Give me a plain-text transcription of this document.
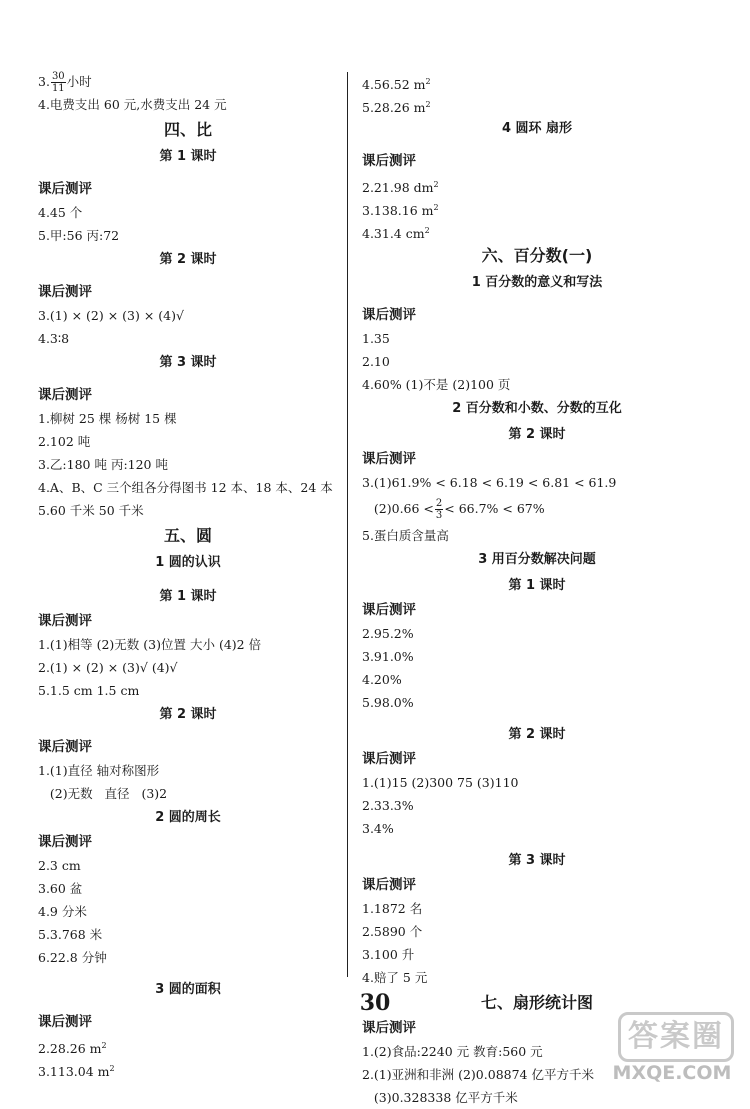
3. $\frac{30}{11}$ 小时
4.电费支出 60 元,水费支出 24 元
四、比
第 1 课时
课后测评
4.45 个
5.甲:56 丙:72
第 2 课时
课后测评
3.(1) × (2) × (3) × (4)√
4.3∶8
第 3 课时
课后测评
1.柳树 25 棵 杨树 15 棵
2.102 吨
3.乙:180 吨 丙:120 吨
4.A、B、C 三个组各分得图书 12 本、18 本、24 本
5.60 千米 50 千米
五、圆
1 圆的认识
第 1 课时
课后测评
1.(1)相等 (2)无数 (3)位置 大小 (4)2 倍
2.(1) × (2) × (3)√ (4)√
5.1.5 cm 1.5 cm
第 2 课时
课后测评
1.(1)直径 轴对称图形
(2)无数   直径   (3)2
2 圆的周长
课后测评
2.3 cm
3.60 盆
4.9 分米
5.3.768 米
6.22.8 分钟
3 圆的面积
课后测评
2.28.26 $m^2$
3.113.04 $m^2$
4.56.52 $m^2$
5.28.26 $m^2$
4 圆环 扇形
课后测评
2.21.98 $dm^2$
3.138.16 $m^2$
4.31.4 $cm^2$
六、百分数(一)
1 百分数的意义和写法
课后测评
1.35
2.10
4.60% (1)不是 (2)100 页
2 百分数和小数、分数的互化
第 2 课时
课后测评
3.(1)61.9% < 6.18 < 6.19 < 6.81 < 61.9
$(2)0.66 < \frac{2}{3} < 66.7\% < 67\%$
5.蛋白质含量高
3 用百分数解决问题
第 1 课时
课后测评
2.95.2%
3.91.0%
4.20%
5.98.0%
第 2 课时
课后测评
1.(1)15 (2)300 75 (3)110
2.33.3%
3.4%
第 3 课时
课后测评
1.1872 名
2.5890 个
3.100 升
4.赔了 5 元
七、扇形统计图
课后测评
1.(2)食品:2240 元 教育:560 元
2.(1)亚洲和非洲 (2)0.08874 亿平方千米
(3)0.328338 亿平方千米
30
答案圈
MXQE.COM
